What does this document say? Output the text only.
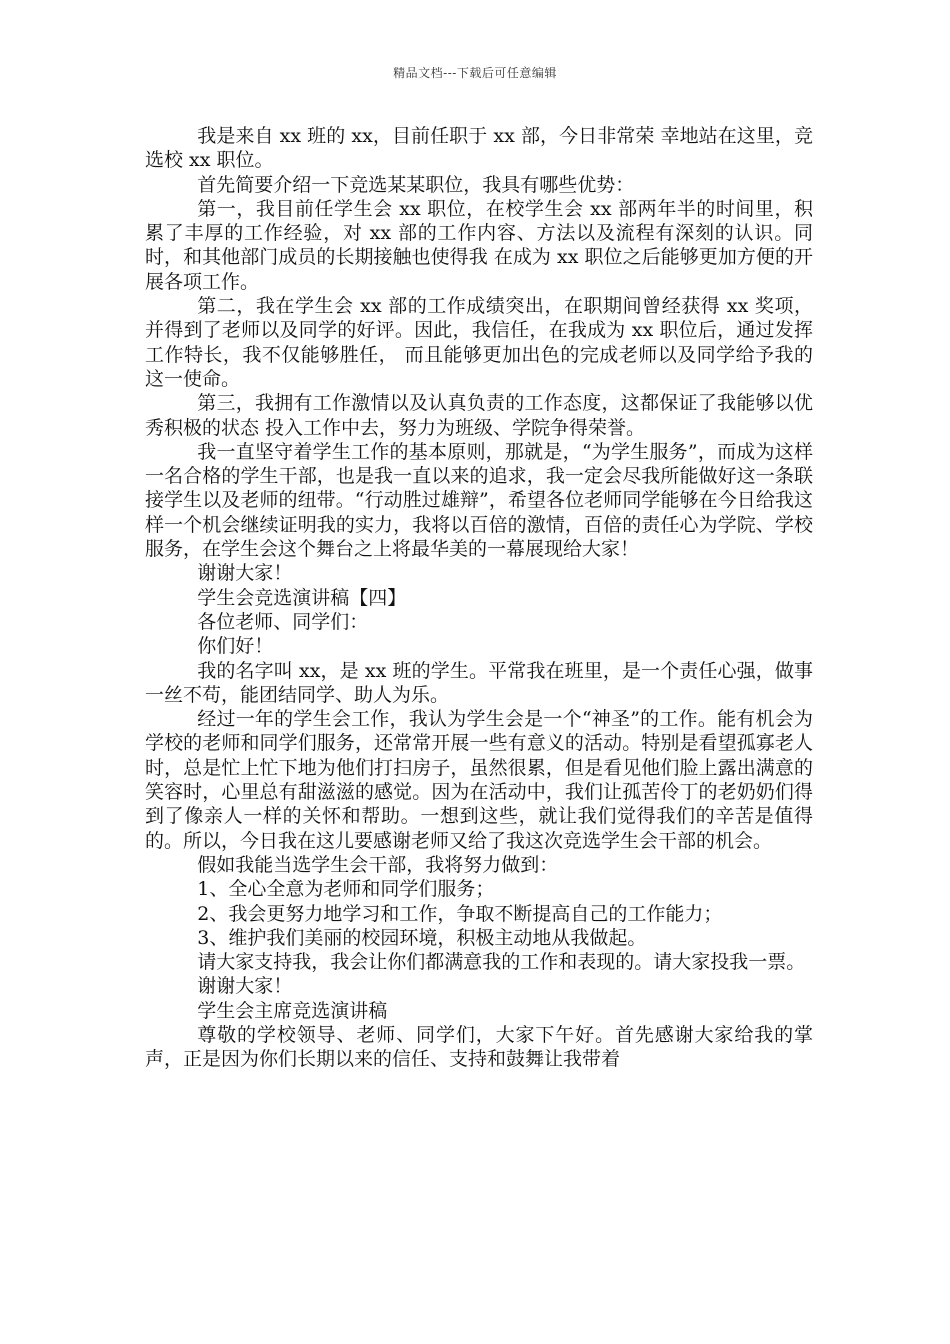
精品文档---下载后可任意编辑

我是来自 xx 班的 xx，目前任职于 xx 部，今日非常荣 幸地站在这里，竞选校 xx 职位。

首先简要介绍一下竞选某某职位，我具有哪些优势：

第一，我目前任学生会 xx 职位，在校学生会 xx 部两年半的时间里，积累了丰厚的工作经验，对 xx 部的工作内容、方法以及流程有深刻的认识。同时，和其他部门成员的长期接触也使得我 在成为 xx 职位之后能够更加方便的开展各项工作。

第二，我在学生会 xx 部的工作成绩突出，在职期间曾经获得 xx 奖项，并得到了老师以及同学的好评。因此，我信任，在我成为 xx 职位后，通过发挥工作特长，我不仅能够胜任， 而且能够更加出色的完成老师以及同学给予我的这一使命。

第三，我拥有工作激情以及认真负责的工作态度，这都保证了我能够以优秀积极的状态 投入工作中去，努力为班级、学院争得荣誉。

我一直坚守着学生工作的基本原则，那就是，“为学生服务”，而成为这样一名合格的学生干部，也是我一直以来的追求，我一定会尽我所能做好这一条联接学生以及老师的纽带。“行动胜过雄辩”，希望各位老师同学能够在今日给我这样一个机会继续证明我的实力，我将以百倍的激情，百倍的责任心为学院、学校服务，在学生会这个舞台之上将最华美的一幕展现给大家！

谢谢大家！

学生会竞选演讲稿【四】

各位老师、同学们：

你们好！

我的名字叫 xx，是 xx 班的学生。平常我在班里，是一个责任心强，做事一丝不苟，能团结同学、助人为乐。

经过一年的学生会工作，我认为学生会是一个“神圣”的工作。能有机会为学校的老师和同学们服务，还常常开展一些有意义的活动。特别是看望孤寡老人时，总是忙上忙下地为他们打扫房子，虽然很累，但是看见他们脸上露出满意的笑容时，心里总有甜滋滋的感觉。因为在活动中，我们让孤苦伶丁的老奶奶们得到了像亲人一样的关怀和帮助。一想到这些，就让我们觉得我们的辛苦是值得的。所以，今日我在这儿要感谢老师又给了我这次竞选学生会干部的机会。

假如我能当选学生会干部，我将努力做到：

1、全心全意为老师和同学们服务；

2、我会更努力地学习和工作，争取不断提高自己的工作能力；

3、维护我们美丽的校园环境，积极主动地从我做起。

请大家支持我，我会让你们都满意我的工作和表现的。请大家投我一票。

谢谢大家！

学生会主席竞选演讲稿

尊敬的学校领导、老师、同学们，大家下午好。首先感谢大家给我的掌声，正是因为你们长期以来的信任、支持和鼓舞让我带着
